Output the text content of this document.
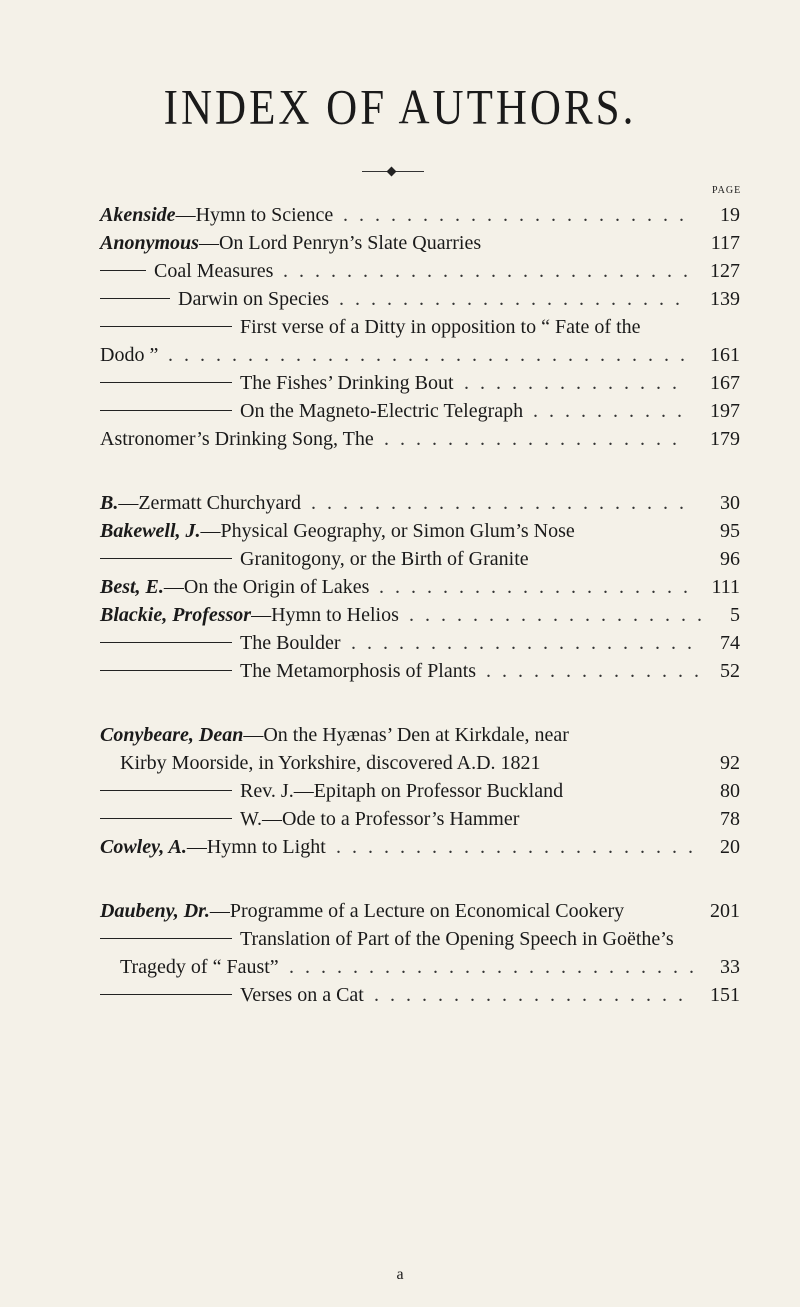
INDEX OF AUTHORS.
PAGE
Akenside—Hymn to Science	19
......................
Anonymous—On Lord Penryn’s Slate Quarries	117
Coal Measures	127
..........................
Darwin on Species	139
......................
First verse of a Ditty in opposition to “ Fate of the
Dodo ”	161
.................................
The Fishes’ Drinking Bout	167
..............
On the Magneto-Electric Telegraph	197
..........
Astronomer’s Drinking Song, The	179
...................
B.—Zermatt Churchyard	30
........................
Bakewell, J.—Physical Geography, or Simon Glum’s Nose	95
Granitogony, or the Birth of Granite	96
Best, E.—On the Origin of Lakes	111
....................
Blackie, Professor—Hymn to Helios	5
...................
The Boulder	74
......................
The Metamorphosis of Plants	52
..............
Conybeare, Dean—On the Hyænas’ Den at Kirkdale, near
Kirby Moorside, in Yorkshire, discovered A.D. 1821	92
Rev. J.—Epitaph on Professor Buckland	80
W.—Ode to a Professor’s Hammer	78
Cowley, A.—Hymn to Light	20
.......................
Daubeny, Dr.—Programme of a Lecture on Economical Cookery	201
Translation of Part of the Opening Speech in Goëthe’s
Tragedy of “ Faust”	33
..........................
Verses on a Cat	151
....................
a
